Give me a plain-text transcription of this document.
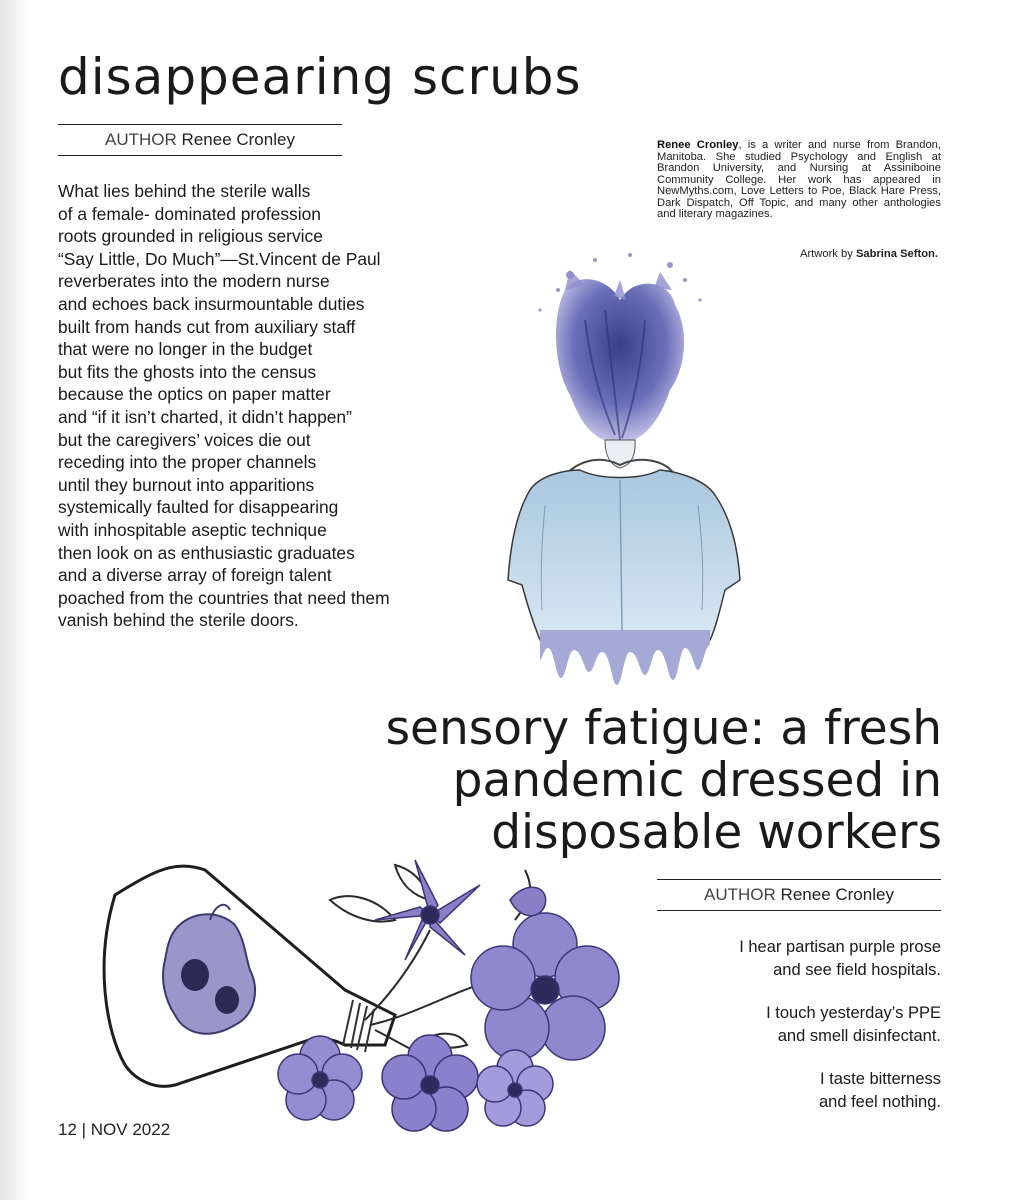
disappearing scrubs
AUTHOR Renee Cronley

What lies behind the sterile walls
of a female- dominated profession
roots grounded in religious service
“Say Little, Do Much”—St.Vincent de Paul
reverberates into the modern nurse
and echoes back insurmountable duties
built from hands cut from auxiliary staff
that were no longer in the budget
but fits the ghosts into the census
because the optics on paper matter
and “if it isn’t charted, it didn’t happen”
but the caregivers’ voices die out
receding into the proper channels
until they burnout into apparitions
systemically faulted for disappearing
with inhospitable aseptic technique
then look on as enthusiastic graduates
and a diverse array of foreign talent
poached from the countries that need them
vanish behind the sterile doors.

Renee Cronley, is a writer and nurse from Brandon, Manitoba. She studied Psychology and English at Brandon University, and Nursing at Assiniboine Community College. Her work has appeared in NewMyths.com, Love Letters to Poe, Black Hare Press, Dark Dispatch, Off Topic, and many other anthologies and literary magazines.

Artwork by Sabrina Sefton.
sensory fatigue: a fresh pandemic dressed in disposable workers
AUTHOR Renee Cronley

I hear partisan purple prose
and see field hospitals.

I touch yesterday’s PPE
and smell disinfectant.

I taste bitterness
and feel nothing.

12 | NOV 2022
